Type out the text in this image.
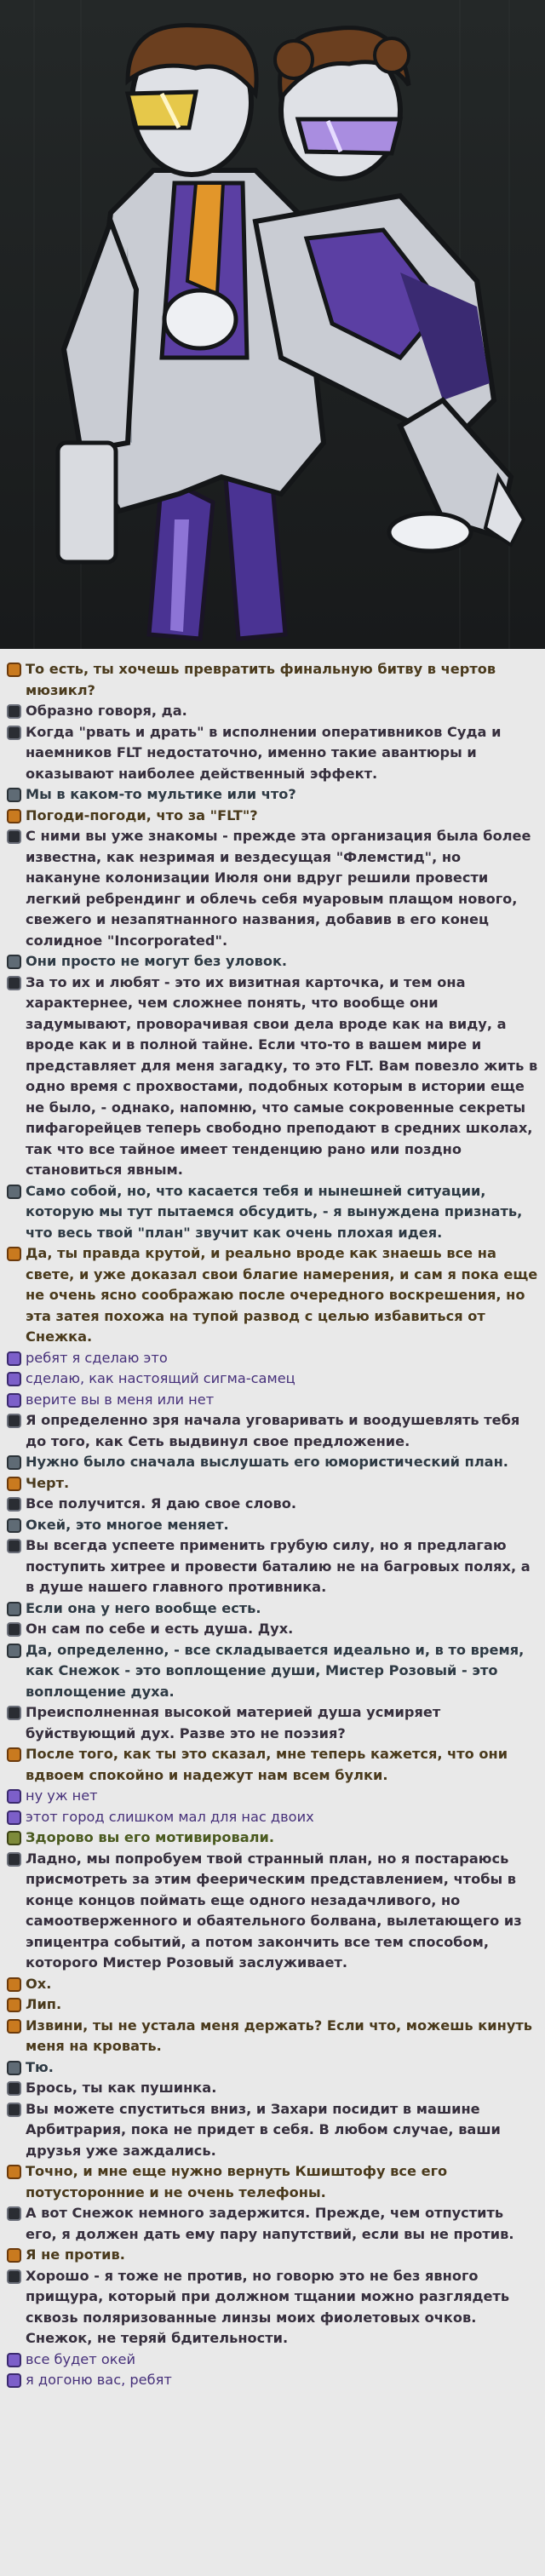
То есть, ты хочешь превратить финальную битву в чертов мюзикл?
Образно говоря, да.
Когда "рвать и драть" в исполнении оперативников Суда и наемников FLT недостаточно, именно такие авантюры и оказывают наиболее действенный эффект.
Мы в каком-то мультике или что?
Погоди-погоди, что за "FLT"?
С ними вы уже знакомы - прежде эта организация была более известна, как незримая и вездесущая "Флемстид", но накануне колонизации Июля они вдруг решили провести легкий ребрендинг и облечь себя муаровым плащом нового, свежего и незапятнанного названия, добавив в его конец солидное "Incorporated".
Они просто не могут без уловок.
За то их и любят - это их визитная карточка, и тем она характернее, чем сложнее понять, что вообще они задумывают, проворачивая свои дела вроде как на виду, а вроде как и в полной тайне. Если что-то в вашем мире и представляет для меня загадку, то это FLT. Вам повезло жить в одно время с прохвостами, подобных которым в истории еще не было, - однако, напомню, что самые сокровенные секреты пифагорейцев теперь свободно преподают в средних школах, так что все тайное имеет тенденцию рано или поздно становиться явным.
Само собой, но, что касается тебя и нынешней ситуации, которую мы тут пытаемся обсудить, - я вынуждена признать, что весь твой "план" звучит как очень плохая идея.
Да, ты правда крутой, и реально вроде как знаешь все на свете, и уже доказал свои благие намерения, и сам я пока еще не очень ясно соображаю после очередного воскрешения, но эта затея похожа на тупой развод с целью избавиться от Снежка.
ребят я сделаю это
сделаю, как настоящий сигма-самец
верите вы в меня или нет
Я определенно зря начала уговаривать и воодушевлять тебя до того, как Сеть выдвинул свое предложение.
Нужно было сначала выслушать его юмористический план.
Черт.
Все получится. Я даю свое слово.
Окей, это многое меняет.
Вы всегда успеете применить грубую силу, но я предлагаю поступить хитрее и провести баталию не на багровых полях, а в душе нашего главного противника.
Если она у него вообще есть.
Он сам по себе и есть душа. Дух.
Да, определенно, - все складывается идеально и, в то время, как Снежок - это воплощение души, Мистер Розовый - это воплощение духа.
Преисполненная высокой материей душа усмиряет буйствующий дух. Разве это не поэзия?
После того, как ты это сказал, мне теперь кажется, что они вдвоем спокойно и надежут нам всем булки.
ну уж нет
этот город слишком мал для нас двоих
Здорово вы его мотивировали.
Ладно, мы попробуем твой странный план, но я постараюсь присмотреть за этим феерическим представлением, чтобы в конце концов поймать еще одного незадачливого, но самоотверженного и обаятельного болвана, вылетающего из эпицентра событий, а потом закончить все тем способом, которого Мистер Розовый заслуживает.
Ох.
Лип.
Извини, ты не устала меня держать? Если что, можешь кинуть меня на кровать.
Тю.
Брось, ты как пушинка.
Вы можете спуститься вниз, и Захари посидит в машине Арбитрария, пока не придет в себя. В любом случае, ваши друзья уже заждались.
Точно, и мне еще нужно вернуть Кшиштофу все его потусторонние и не очень телефоны.
А вот Снежок немного задержится. Прежде, чем отпустить его, я должен дать ему пару напутствий, если вы не против.
Я не против.
Хорошо - я тоже не против, но говорю это не без явного прищура, который при должном тщании можно разглядеть сквозь поляризованные линзы моих фиолетовых очков. Снежок, не теряй бдительности.
все будет окей
я догоню вас, ребят
